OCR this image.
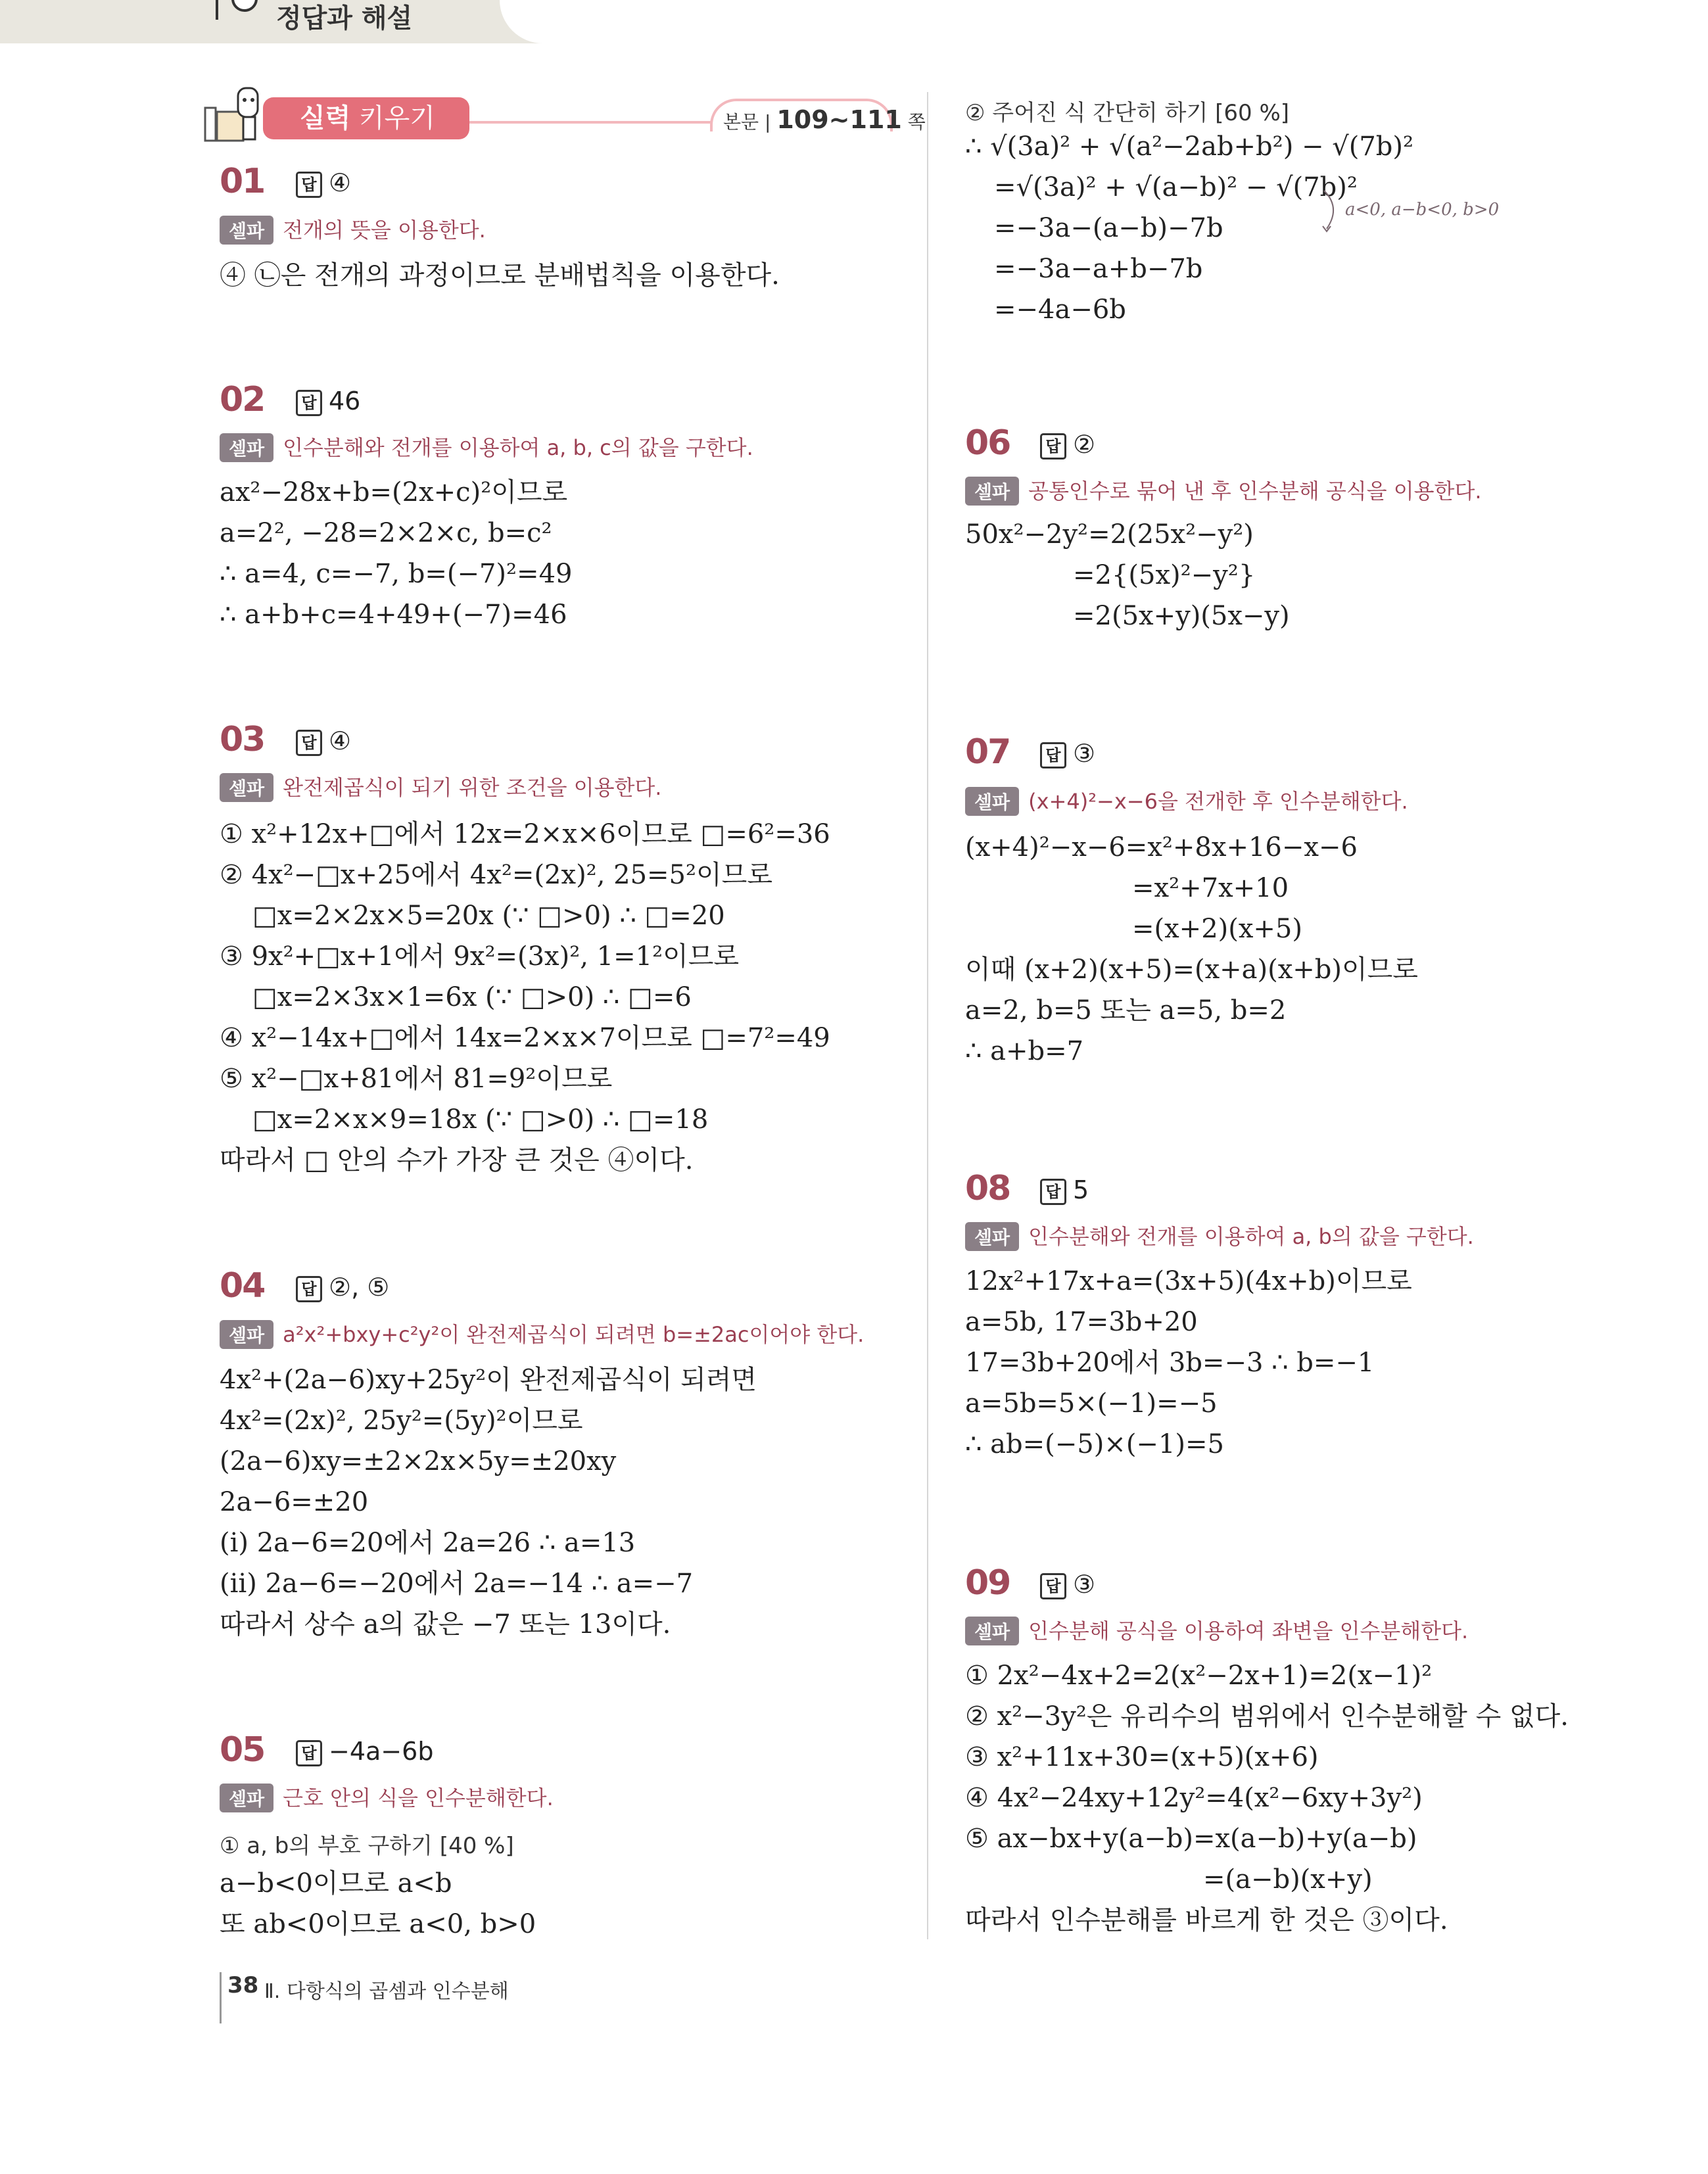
정답과 해설
본문 | 109~111 쪽
실력 키우기
01	답 ④
셀파 전개의 뜻을 이용한다.
④ ㉡은 전개의 과정이므로 분배법칙을 이용한다.
02	답 46
셀파 인수분해와 전개를 이용하여 a, b, c의 값을 구한다.
ax²−28x+b=(2x+c)²이므로
a=2², −28=2×2×c, b=c²
∴ a=4, c=−7, b=(−7)²=49
∴ a+b+c=4+49+(−7)=46
03	답 ④
셀파 완전제곱식이 되기 위한 조건을 이용한다.
① x²+12x+□에서 12x=2×x×6이므로 □=6²=36
② 4x²−□x+25에서 4x²=(2x)², 25=5²이므로
□x=2×2x×5=20x (∵ □>0) ∴ □=20
③ 9x²+□x+1에서 9x²=(3x)², 1=1²이므로
□x=2×3x×1=6x (∵ □>0) ∴ □=6
④ x²−14x+□에서 14x=2×x×7이므로 □=7²=49
⑤ x²−□x+81에서 81=9²이므로
□x=2×x×9=18x (∵ □>0) ∴ □=18
따라서 □ 안의 수가 가장 큰 것은 ④이다.
04	답 ②, ⑤
셀파 a²x²+bxy+c²y²이 완전제곱식이 되려면 b=±2ac이어야 한다.
4x²+(2a−6)xy+25y²이 완전제곱식이 되려면
4x²=(2x)², 25y²=(5y)²이므로
(2a−6)xy=±2×2x×5y=±20xy
2a−6=±20
(ⅰ) 2a−6=20에서 2a=26 ∴ a=13
(ⅱ) 2a−6=−20에서 2a=−14 ∴ a=−7
따라서 상수 a의 값은 −7 또는 13이다.
05	답 −4a−6b
셀파 근호 안의 식을 인수분해한다.
① a, b의 부호 구하기 [40 %]
a−b<0이므로 a<b
또 ab<0이므로 a<0, b>0
② 주어진 식 간단히 하기 [60 %]
∴ √(3a)² + √(a²−2ab+b²) − √(7b)²
=√(3a)² + √(a−b)² − √(7b)²
=−3a−(a−b)−7b
=−3a−a+b−7b
=−4a−6b
a<0, a−b<0, b>0
06	답 ②
셀파 공통인수로 묶어 낸 후 인수분해 공식을 이용한다.
50x²−2y²=2(25x²−y²)
=2{(5x)²−y²}
=2(5x+y)(5x−y)
07	답 ③
셀파 (x+4)²−x−6을 전개한 후 인수분해한다.
(x+4)²−x−6=x²+8x+16−x−6
=x²+7x+10
=(x+2)(x+5)
이때 (x+2)(x+5)=(x+a)(x+b)이므로
a=2, b=5 또는 a=5, b=2
∴ a+b=7
08	답 5
셀파 인수분해와 전개를 이용하여 a, b의 값을 구한다.
12x²+17x+a=(3x+5)(4x+b)이므로
a=5b, 17=3b+20
17=3b+20에서 3b=−3 ∴ b=−1
a=5b=5×(−1)=−5
∴ ab=(−5)×(−1)=5
09	답 ③
셀파 인수분해 공식을 이용하여 좌변을 인수분해한다.
① 2x²−4x+2=2(x²−2x+1)=2(x−1)²
② x²−3y²은 유리수의 범위에서 인수분해할 수 없다.
③ x²+11x+30=(x+5)(x+6)
④ 4x²−24xy+12y²=4(x²−6xy+3y²)
⑤ ax−bx+y(a−b)=x(a−b)+y(a−b)
=(a−b)(x+y)
따라서 인수분해를 바르게 한 것은 ③이다.
38 Ⅱ. 다항식의 곱셈과 인수분해
